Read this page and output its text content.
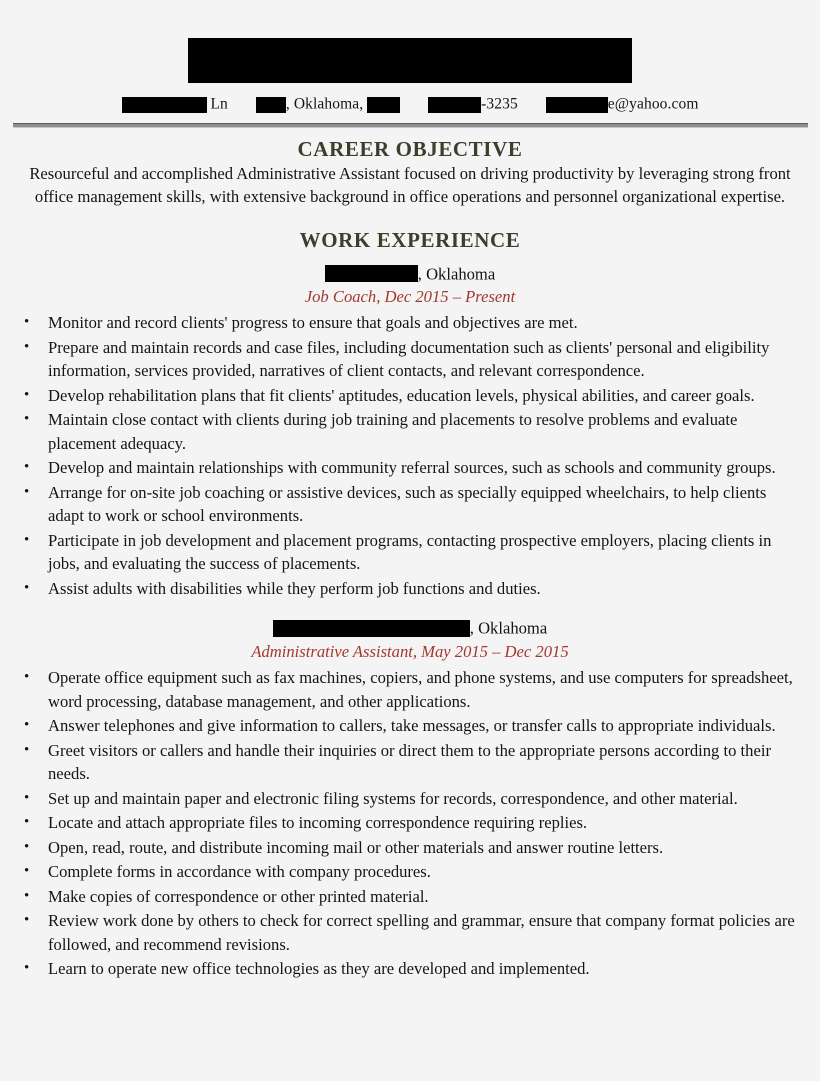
Ln	, Oklahoma,	-3235	e@yahoo.com
CAREER OBJECTIVE

Resourceful and accomplished Administrative Assistant focused on driving productivity by leveraging strong front office management skills, with extensive background in office operations and personnel organizational expertise.

WORK EXPERIENCE
, Oklahoma
Job Coach, Dec 2015 – Present
• Monitor and record clients' progress to ensure that goals and objectives are met.
• Prepare and maintain records and case files, including documentation such as clients' personal and eligibility information, services provided, narratives of client contacts, and relevant correspondence.
• Develop rehabilitation plans that fit clients' aptitudes, education levels, physical abilities, and career goals.
• Maintain close contact with clients during job training and placements to resolve problems and evaluate placement adequacy.
• Develop and maintain relationships with community referral sources, such as schools and community groups.
• Arrange for on-site job coaching or assistive devices, such as specially equipped wheelchairs, to help clients adapt to work or school environments.
• Participate in job development and placement programs, contacting prospective employers, placing clients in jobs, and evaluating the success of placements.
• Assist adults with disabilities while they perform job functions and duties.
, Oklahoma
Administrative Assistant, May 2015 – Dec 2015
• Operate office equipment such as fax machines, copiers, and phone systems, and use computers for spreadsheet, word processing, database management, and other applications.
• Answer telephones and give information to callers, take messages, or transfer calls to appropriate individuals.
• Greet visitors or callers and handle their inquiries or direct them to the appropriate persons according to their needs.
• Set up and maintain paper and electronic filing systems for records, correspondence, and other material.
• Locate and attach appropriate files to incoming correspondence requiring replies.
• Open, read, route, and distribute incoming mail or other materials and answer routine letters.
• Complete forms in accordance with company procedures.
• Make copies of correspondence or other printed material.
• Review work done by others to check for correct spelling and grammar, ensure that company format policies are followed, and recommend revisions.
• Learn to operate new office technologies as they are developed and implemented.
